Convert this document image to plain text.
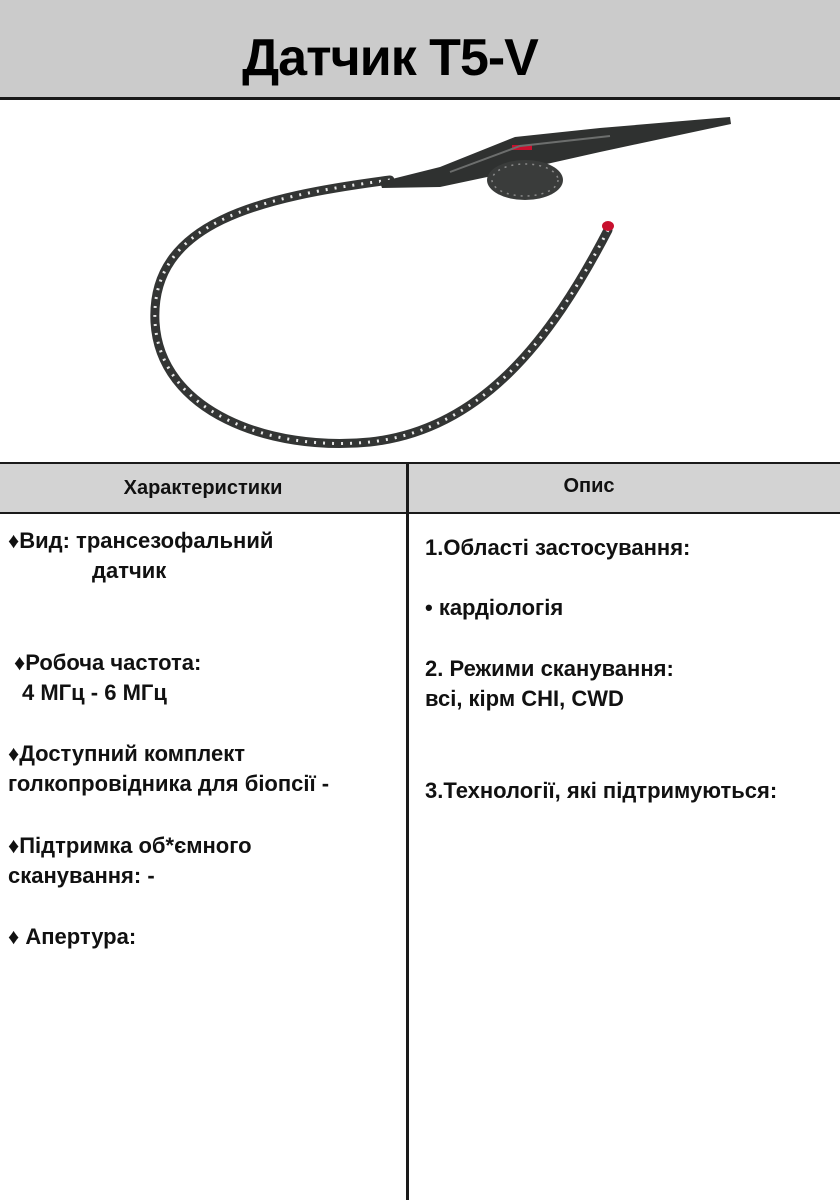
Датчик T5-V
Характеристики	Опис
♦Вид: трансезофальний
датчик
♦Робоча частота:
4 МГц - 6 МГц
♦Доступний комплект
голкопровідника для біопсії -
♦Підтримка об*ємного
сканування: -
♦ Апертура:
1.Області застосування:
• кардіологія
2. Режими сканування:
всі, кірм CHI, CWD
3.Технології, які підтримуються:
